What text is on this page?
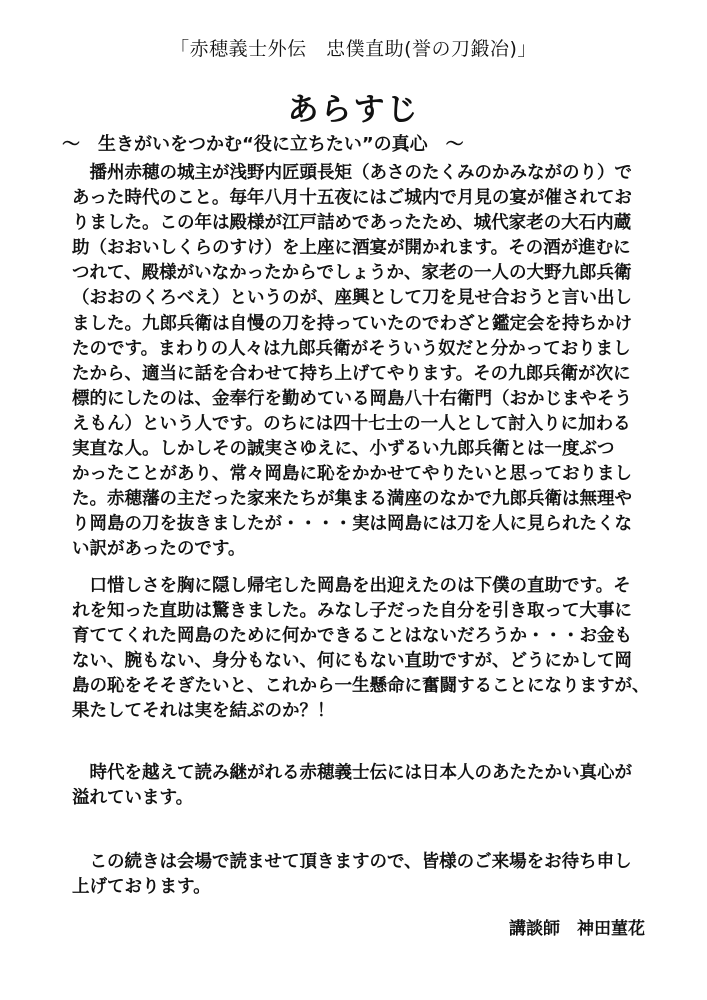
「赤穂義士外伝　忠僕直助(誉の刀鍛冶)」
あらすじ
～　生きがいをつかむ“役に立ちたい”の真心　～
　播州赤穂の城主が浅野内匠頭長矩（あさのたくみのかみながのり）で
あった時代のこと。毎年八月十五夜にはご城内で月見の宴が催されてお
りました。この年は殿様が江戸詰めであったため、城代家老の大石内蔵
助（おおいしくらのすけ）を上座に酒宴が開かれます。その酒が進むに
つれて、殿様がいなかったからでしょうか、家老の一人の大野九郎兵衛
（おおのくろべえ）というのが、座興として刀を見せ合おうと言い出し
ました。九郎兵衛は自慢の刀を持っていたのでわざと鑑定会を持ちかけ
たのです。まわりの人々は九郎兵衛がそういう奴だと分かっておりまし
たから、適当に話を合わせて持ち上げてやります。その九郎兵衛が次に
標的にしたのは、金奉行を勤めている岡島八十右衛門（おかじまやそう
えもん）という人です。のちには四十七士の一人として討入りに加わる
実直な人。しかしその誠実さゆえに、小ずるい九郎兵衛とは一度ぶつ
かったことがあり、常々岡島に恥をかかせてやりたいと思っておりまし
た。赤穂藩の主だった家来たちが集まる満座のなかで九郎兵衛は無理や
り岡島の刀を抜きましたが・・・・実は岡島には刀を人に見られたくな
い訳があったのです。
　口惜しさを胸に隠し帰宅した岡島を出迎えたのは下僕の直助です。そ
れを知った直助は驚きました。みなし子だった自分を引き取って大事に
育ててくれた岡島のために何かできることはないだろうか・・・お金も
ない、腕もない、身分もない、何にもない直助ですが、どうにかして岡
島の恥をそそぎたいと、これから一生懸命に奮闘することになりますが、
果たしてそれは実を結ぶのか？！
　時代を越えて読み継がれる赤穂義士伝には日本人のあたたかい真心が
溢れています。
　この続きは会場で読ませて頂きますので、皆様のご来場をお待ち申し
上げております。
講談師　神田菫花
